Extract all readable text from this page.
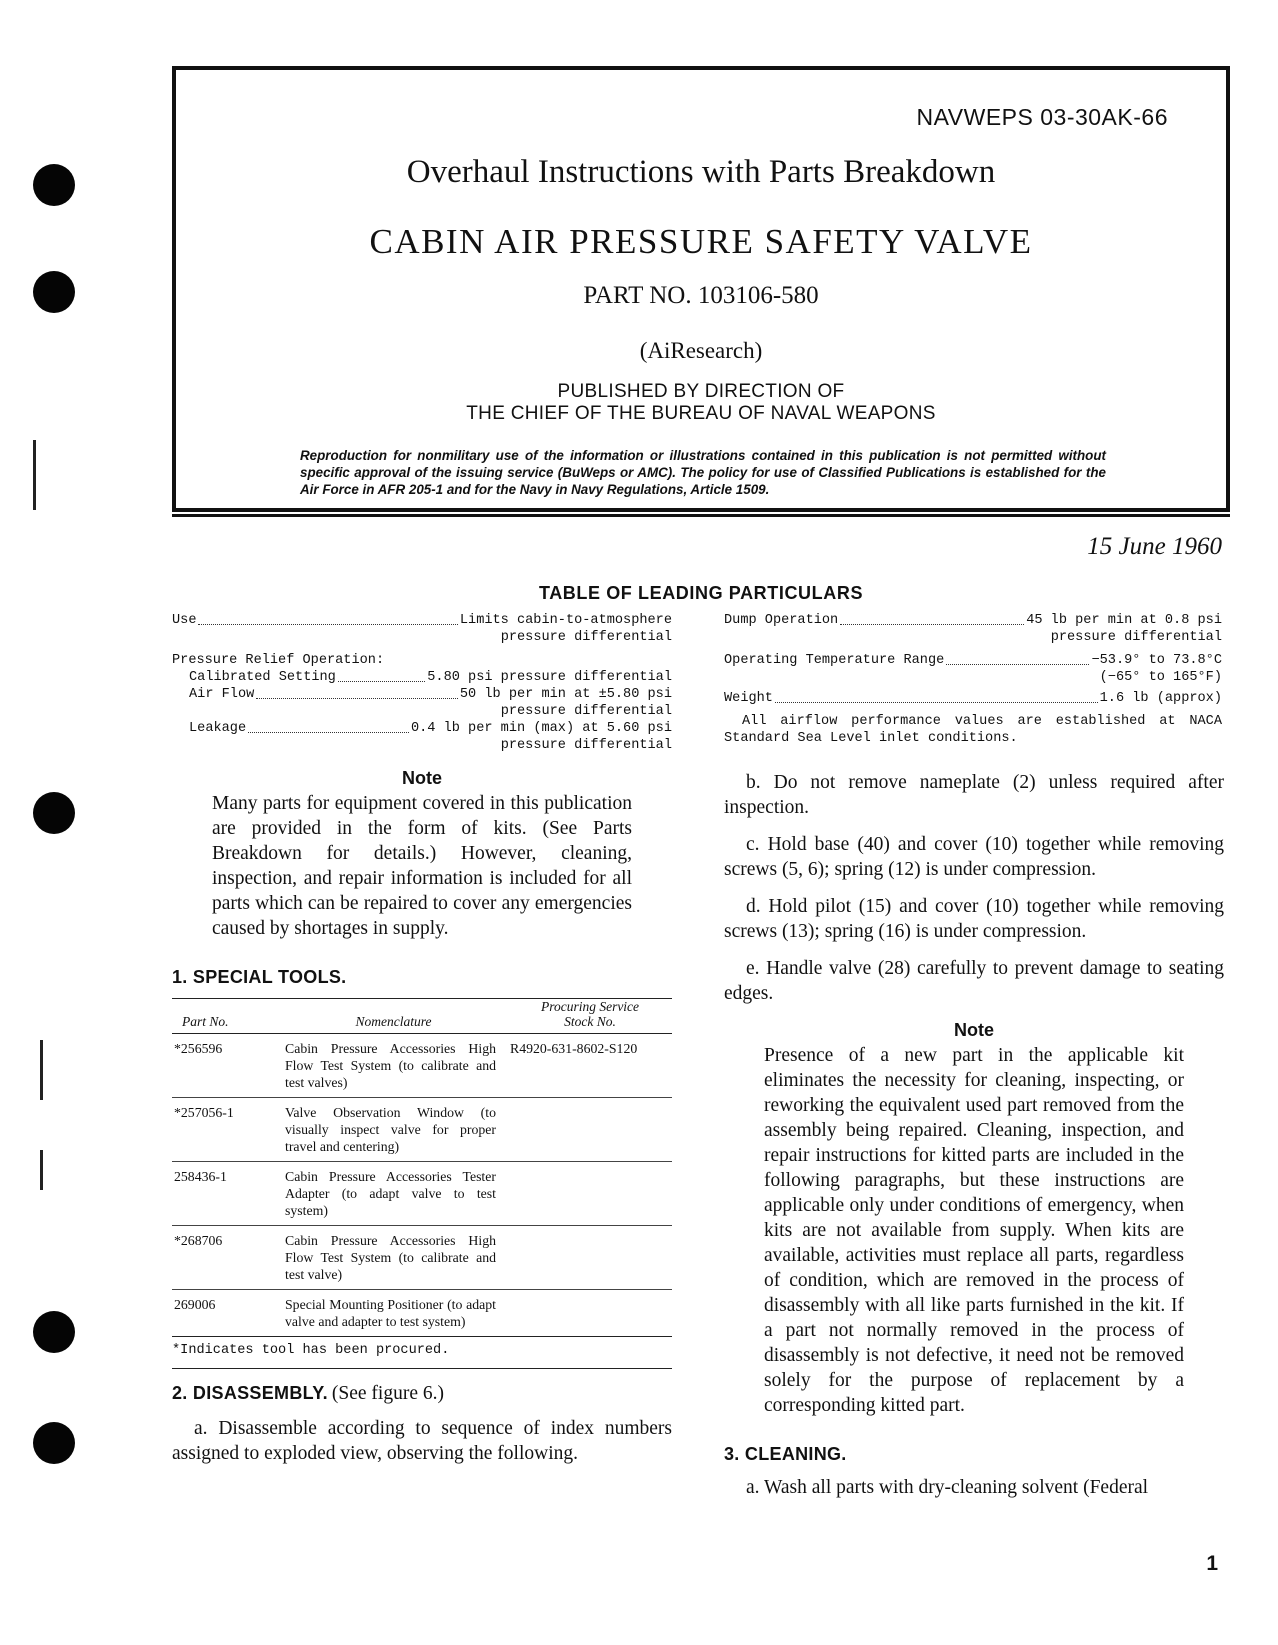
NAVWEPS 03-30AK-66
Overhaul Instructions with Parts Breakdown
CABIN AIR PRESSURE SAFETY VALVE
PART NO. 103106-580
(AiResearch)
PUBLISHED BY DIRECTION OF
THE CHIEF OF THE BUREAU OF NAVAL WEAPONS
Reproduction for nonmilitary use of the information or illustrations contained in this publication is not permitted without specific approval of the issuing service (BuWeps or AMC). The policy for use of Classified Publications is established for the Air Force in AFR 205-1 and for the Navy in Navy Regulations, Article 1509.
15 June 1960
TABLE OF LEADING PARTICULARS
Use	Limits cabin-to-atmosphere
pressure differential
Pressure Relief Operation:
Calibrated Setting	5.80 psi pressure differential
Air Flow	50 lb per min at ±5.80 psi
pressure differential
Leakage	0.4 lb per min (max) at 5.60 psi
pressure differential
Dump Operation	45 lb per min at 0.8 psi
pressure differential
Operating Temperature Range	−53.9° to 73.8°C
(−65° to 165°F)
Weight	1.6 lb (approx)
All airflow performance values are established at NACA Standard Sea Level inlet conditions.
Note
Many parts for equipment covered in this publication are provided in the form of kits. (See Parts Breakdown for details.) However, cleaning, inspection, and repair information is included for all parts which can be repaired to cover any emergencies caused by shortages in supply.
1. SPECIAL TOOLS.
Part No.	Nomenclature	Procuring Service
Stock No.

*256596	Cabin Pressure Accessories High Flow Test System (to calibrate and test valves)	R4920-631-8602-S120
*257056-1	Valve Observation Window (to visually inspect valve for proper travel and centering)	
258436-1	Cabin Pressure Accessories Tester Adapter (to adapt valve to test system)	
*268706	Cabin Pressure Accessories High Flow Test System (to calibrate and test valve)	
269006	Special Mounting Positioner (to adapt valve and adapter to test system)	
*Indicates tool has been procured.
2. DISASSEMBLY. (See figure 6.)
a. Disassemble according to sequence of index numbers assigned to exploded view, observing the following.
b. Do not remove nameplate (2) unless required after inspection.
c. Hold base (40) and cover (10) together while removing screws (5, 6); spring (12) is under compression.
d. Hold pilot (15) and cover (10) together while removing screws (13); spring (16) is under compression.
e. Handle valve (28) carefully to prevent damage to seating edges.
Note
Presence of a new part in the applicable kit eliminates the necessity for cleaning, inspecting, or reworking the equivalent used part removed from the assembly being repaired. Cleaning, inspection, and repair instructions for kitted parts are included in the following paragraphs, but these instructions are applicable only under conditions of emergency, when kits are not available from supply. When kits are available, activities must replace all parts, regardless of condition, which are removed in the process of disassembly with all like parts furnished in the kit. If a part not normally removed in the process of disassembly is not defective, it need not be removed solely for the purpose of replacement by a corresponding kitted part.
3. CLEANING.
a. Wash all parts with dry-cleaning solvent (Federal
1
